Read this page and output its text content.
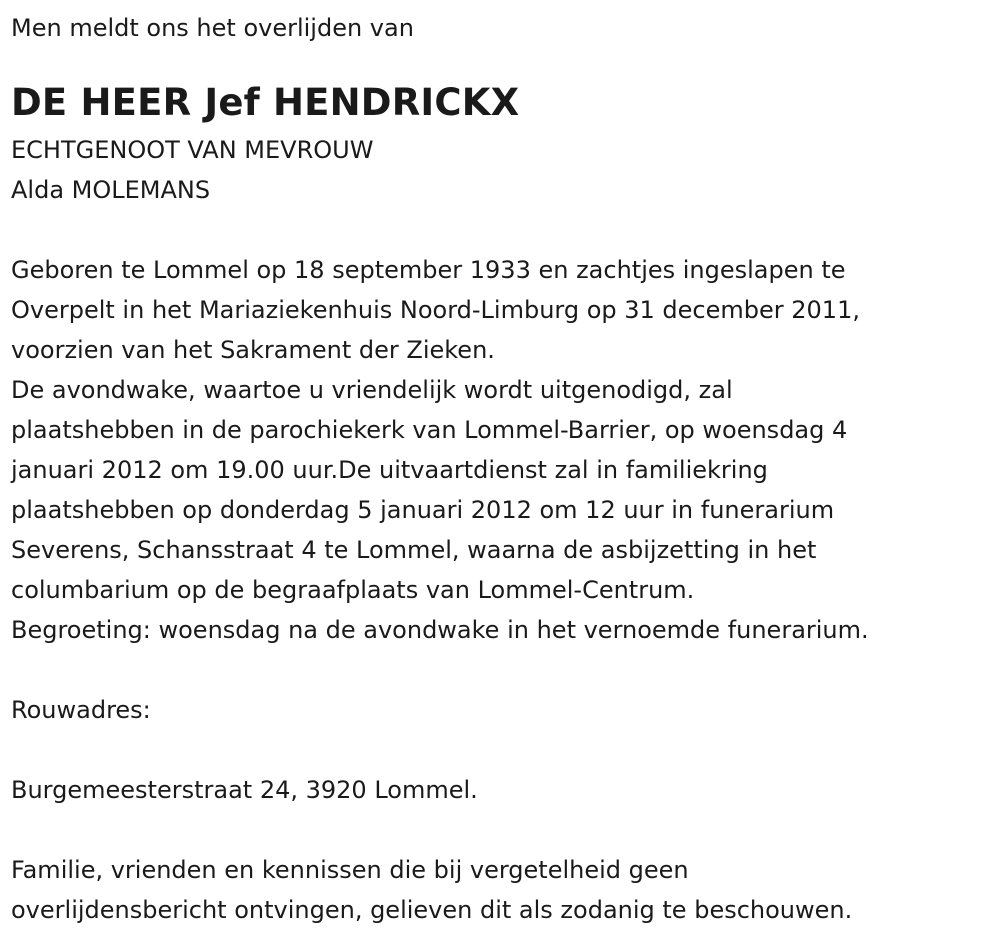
Men meldt ons het overlijden van
DE HEER Jef HENDRICKX
ECHTGENOOT VAN MEVROUW
Alda MOLEMANS
Geboren te Lommel op 18 september 1933 en zachtjes ingeslapen te
Overpelt in het Mariaziekenhuis Noord-Limburg op 31 december 2011,
voorzien van het Sakrament der Zieken.
De avondwake, waartoe u vriendelijk wordt uitgenodigd, zal
plaatshebben in de parochiekerk van Lommel-Barrier, op woensdag 4
januari 2012 om 19.00 uur.De uitvaartdienst zal in familiekring
plaatshebben op donderdag 5 januari 2012 om 12 uur in funerarium
Severens, Schansstraat 4 te Lommel, waarna de asbijzetting in het
columbarium op de begraafplaats van Lommel-Centrum.
Begroeting: woensdag na de avondwake in het vernoemde funerarium.
Rouwadres:
Burgemeesterstraat 24, 3920 Lommel.
Familie, vrienden en kennissen die bij vergetelheid geen
overlijdensbericht ontvingen, gelieven dit als zodanig te beschouwen.
